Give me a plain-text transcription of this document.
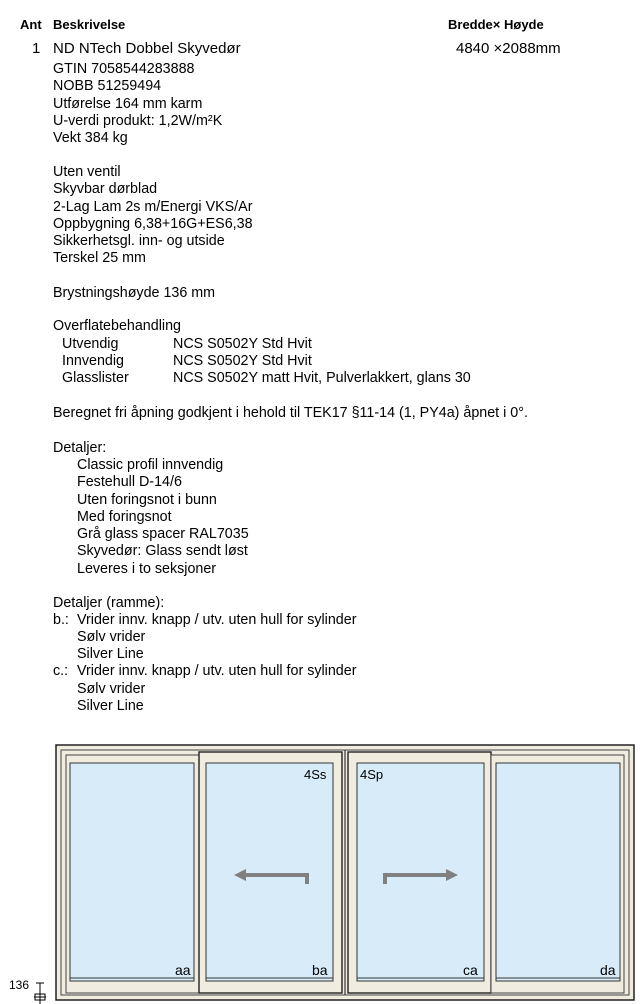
Ant Beskrivelse	Bredde× Høyde
1 ND NTech Dobbel Skyvedør	4840 ×2088mm
GTIN 7058544283888
NOBB 51259494
Utførelse 164 mm karm
U-verdi produkt: 1,2W/m²K
Vekt 384 kg
Uten ventil
Skyvbar dørblad
2-Lag Lam 2s m/Energi VKS/Ar
Oppbygning 6,38+16G+ES6,38
Sikkerhetsgl. inn- og utside
Terskel 25 mm
Brystningshøyde 136 mm
Overflatebehandling
Utvendig	NCS S0502Y Std Hvit
Innvendig	NCS S0502Y Std Hvit
Glasslister	NCS S0502Y matt Hvit, Pulverlakkert, glans 30
Beregnet fri åpning godkjent i hehold til TEK17 §11-14 (1, PY4a) åpnet i 0°.
Detaljer:
Classic profil innvendig
Festehull D-14/6
Uten foringsnot i bunn
Med foringsnot
Grå glass spacer RAL7035
Skyvedør: Glass sendt løst
Leveres i to seksjoner
Detaljer (ramme):
b.: Vrider innv. knapp / utv. uten hull for sylinder
Sølv vrider
Silver Line
c.: Vrider innv. knapp / utv. uten hull for sylinder
Sølv vrider
Silver Line
4Ss	4Sp
aa	ba	ca	da
136
